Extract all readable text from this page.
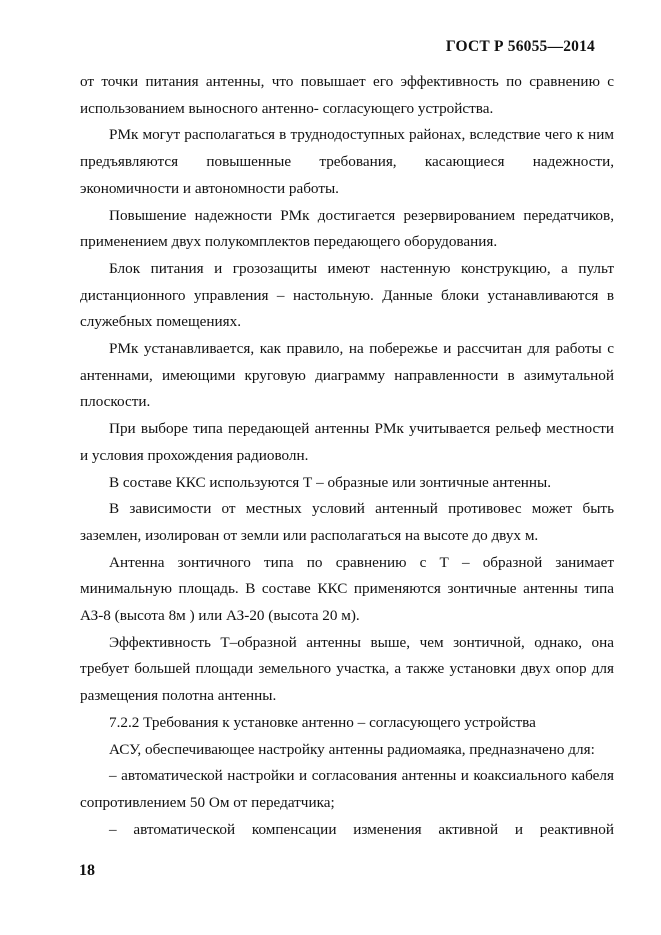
ГОСТ Р 56055—2014

от точки питания антенны, что повышает его эффективность по сравнению с использованием выносного антенно- согласующего устройства.

РМк могут располагаться в труднодоступных районах, вследствие чего к ним предъявляются повышенные требования, касающиеся надежности, экономичности и автономности работы.

Повышение надежности РМк достигается резервированием передатчиков, применением двух полукомплектов передающего оборудования.

Блок питания и грозозащиты имеют настенную конструкцию, а пульт дистанционного управления – настольную. Данные блоки устанавливаются в служебных помещениях.

РМк устанавливается, как правило, на побережье и рассчитан для работы с антеннами, имеющими круговую диаграмму направленности в азимутальной плоскости.

При выборе типа передающей антенны РМк учитывается рельеф местности и условия прохождения радиоволн.

В составе ККС используются Т – образные или зонтичные антенны.

В зависимости от местных условий антенный противовес может быть заземлен, изолирован от земли или располагаться на высоте до двух м.

Антенна зонтичного типа по сравнению с Т – образной занимает минимальную площадь. В составе ККС применяются зонтичные антенны типа АЗ-8 (высота 8м ) или АЗ-20 (высота 20 м).

Эффективность Т–образной антенны выше, чем зонтичной, однако, она требует большей площади земельного участка, а также установки двух опор для размещения полотна антенны.

7.2.2 Требования к установке антенно – согласующего устройства

АСУ, обеспечивающее настройку антенны радиомаяка, предназначено для:

– автоматической настройки и согласования антенны и коаксиального кабеля сопротивлением 50 Ом от передатчика;

– автоматической компенсации изменения активной и реактивной

18
